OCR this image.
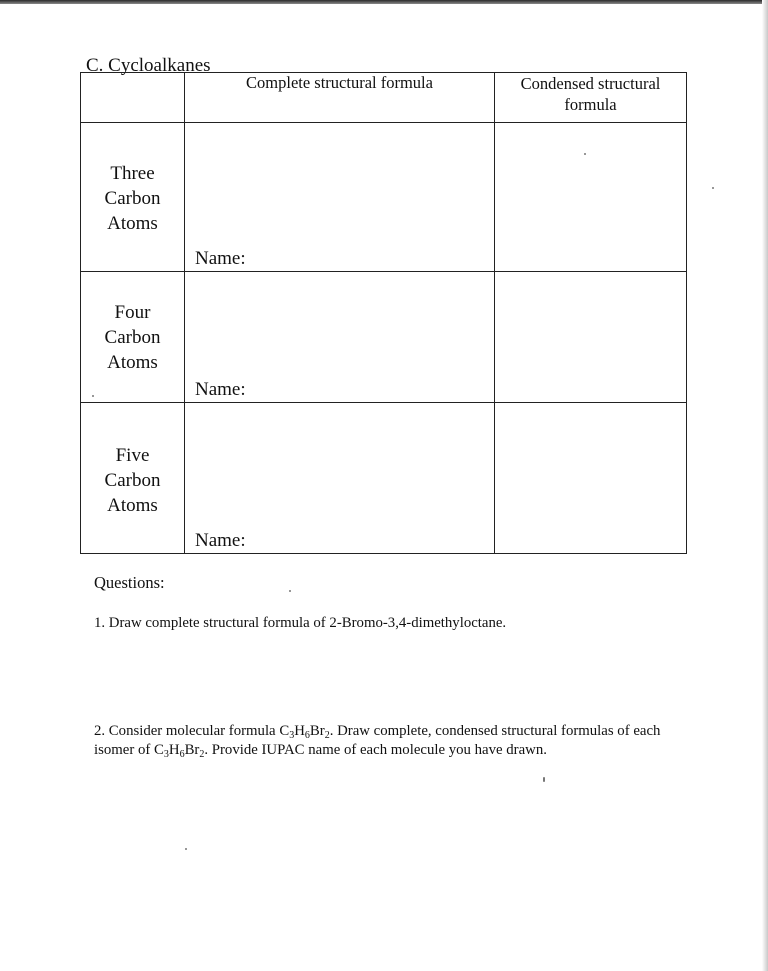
C. Cycloalkanes
	Complete structural formula	Condensed structural
formula

Three
Carbon
Atoms	Name:	

Four
Carbon
Atoms	Name:	

Five
Carbon
Atoms	Name:	

Questions:

1. Draw complete structural formula of 2-Bromo-3,4-dimethyloctane.

2. Consider molecular formula $C_3H_6Br_2$. Draw complete, condensed structural formulas of each isomer of $C_3H_6Br_2$. Provide IUPAC name of each molecule you have drawn.
